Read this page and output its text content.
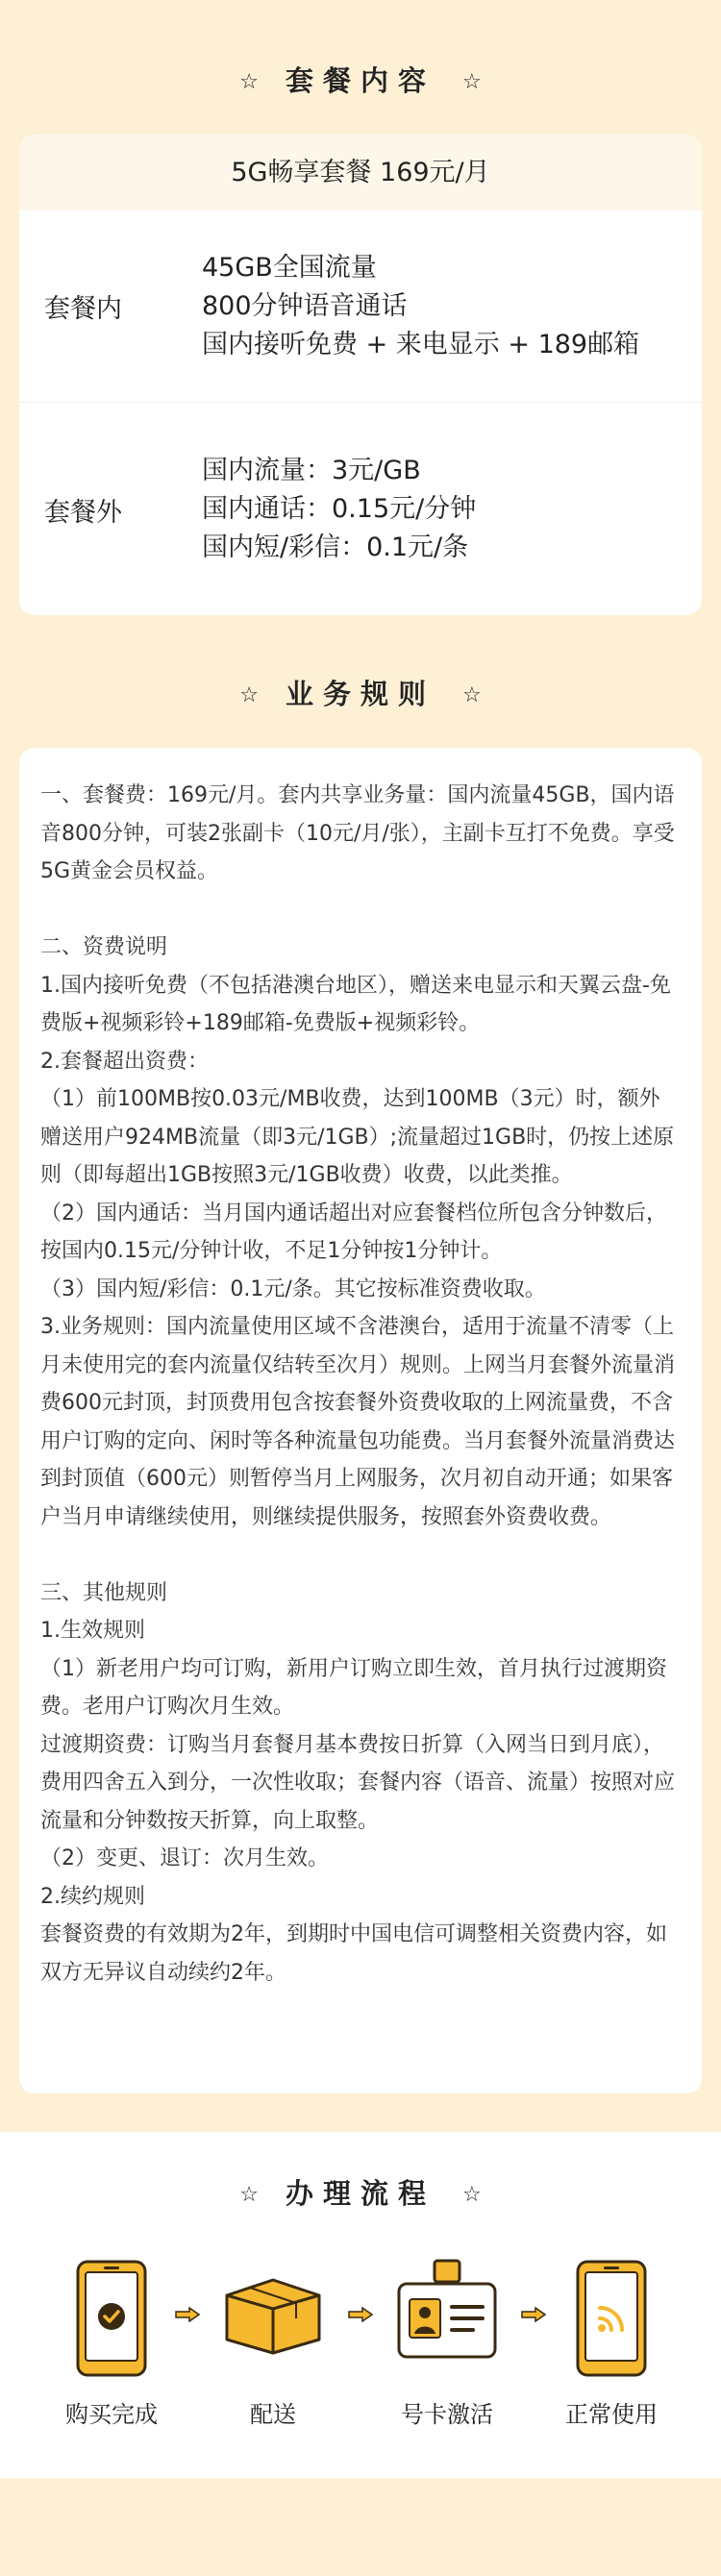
☆ 套餐内容 ☆
5G畅享套餐 169元/月
套餐内
45GB全国流量
800分钟语音通话
国内接听免费 + 来电显示 + 189邮箱
套餐外
国内流量：3元/GB
国内通话：0.15元/分钟
国内短/彩信：0.1元/条
☆ 业务规则 ☆

一、套餐费：169元/月。套内共享业务量：国内流量45GB，国内语音800分钟，可装2张副卡（10元/月/张），主副卡互打不免费。享受5G黄金会员权益。

二、资费说明

1.国内接听免费（不包括港澳台地区），赠送来电显示和天翼云盘-免费版+视频彩铃+189邮箱-免费版+视频彩铃。

2.套餐超出资费：

（1）前100MB按0.03元/MB收费，达到100MB（3元）时，额外赠送用户924MB流量（即3元/1GB）;流量超过1GB时，仍按上述原则（即每超出1GB按照3元/1GB收费）收费，以此类推。

（2）国内通话：当月国内通话超出对应套餐档位所包含分钟数后，按国内0.15元/分钟计收，不足1分钟按1分钟计。

（3）国内短/彩信：0.1元/条。其它按标准资费收取。

3.业务规则：国内流量使用区域不含港澳台，适用于流量不清零（上月未使用完的套内流量仅结转至次月）规则。上网当月套餐外流量消费600元封顶，封顶费用包含按套餐外资费收取的上网流量费，不含用户订购的定向、闲时等各种流量包功能费。当月套餐外流量消费达到封顶值（600元）则暂停当月上网服务，次月初自动开通；如果客户当月申请继续使用，则继续提供服务，按照套外资费收费。

三、其他规则

1.生效规则

（1）新老用户均可订购，新用户订购立即生效，首月执行过渡期资费。老用户订购次月生效。

过渡期资费：订购当月套餐月基本费按日折算（入网当日到月底），费用四舍五入到分，一次性收取；套餐内容（语音、流量）按照对应流量和分钟数按天折算，向上取整。

（2）变更、退订：次月生效。

2.续约规则

套餐资费的有效期为2年，到期时中国电信可调整相关资费内容，如双方无异议自动续约2年。

☆ 办理流程 ☆
购买完成	配送	号卡激活	正常使用
